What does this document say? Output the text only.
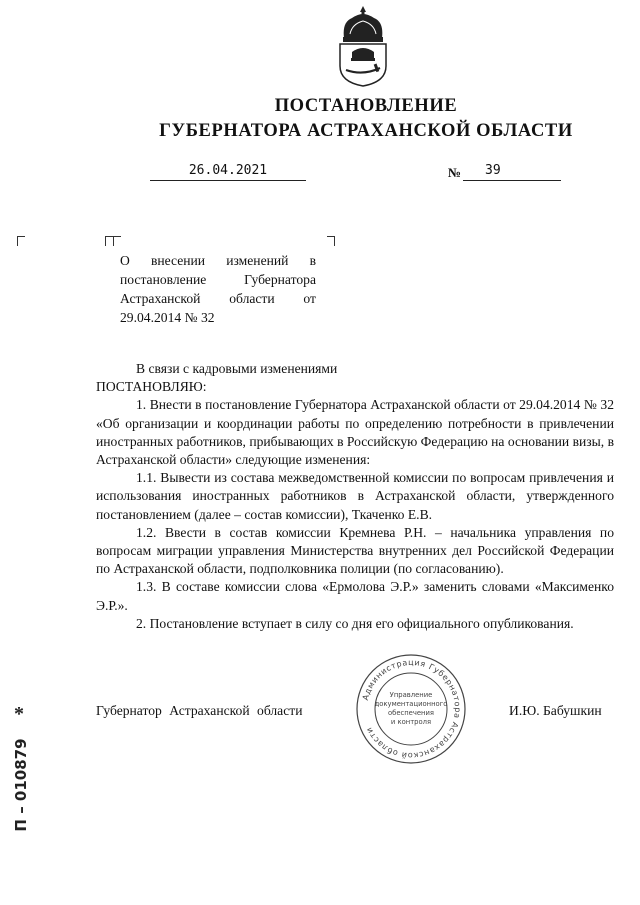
ПОСТАНОВЛЕНИЕ
ГУБЕРНАТОРА АСТРАХАНСКОЙ ОБЛАСТИ
26.04.2021	№	39
О внесении изменений в постановление Губернатора Астраханской области от 29.04.2014 № 32

В связи с кадровыми изменениями

ПОСТАНОВЛЯЮ:

1. Внести в постановление Губернатора Астраханской области от 29.04.2014 № 32 «Об организации и координации работы по определению потребности в привлечении иностранных работников, прибывающих в Российскую Федерацию на основании визы, в Астраханской области» следующие изменения:

1.1. Вывести из состава межведомственной комиссии по вопросам привлечения и использования иностранных работников в Астраханской области, утвержденного постановлением (далее – состав комиссии), Ткаченко Е.В.

1.2. Ввести в состав комиссии Кремнева Р.Н. – начальника управления по вопросам миграции управления Министерства внутренних дел Российской Федерации по Астраханской области, подполковника полиции (по согласованию).

1.3. В составе комиссии слова «Ермолова Э.Р.» заменить словами «Максименко Э.Р.».

2. Постановление вступает в силу со дня его официального опубликования.

Губернатор Астраханской области	И.Ю. Бабушкин
Администрация Губернатора Астраханской области
Управление
документационного
обеспечения
и контроля
*
П – 010879
